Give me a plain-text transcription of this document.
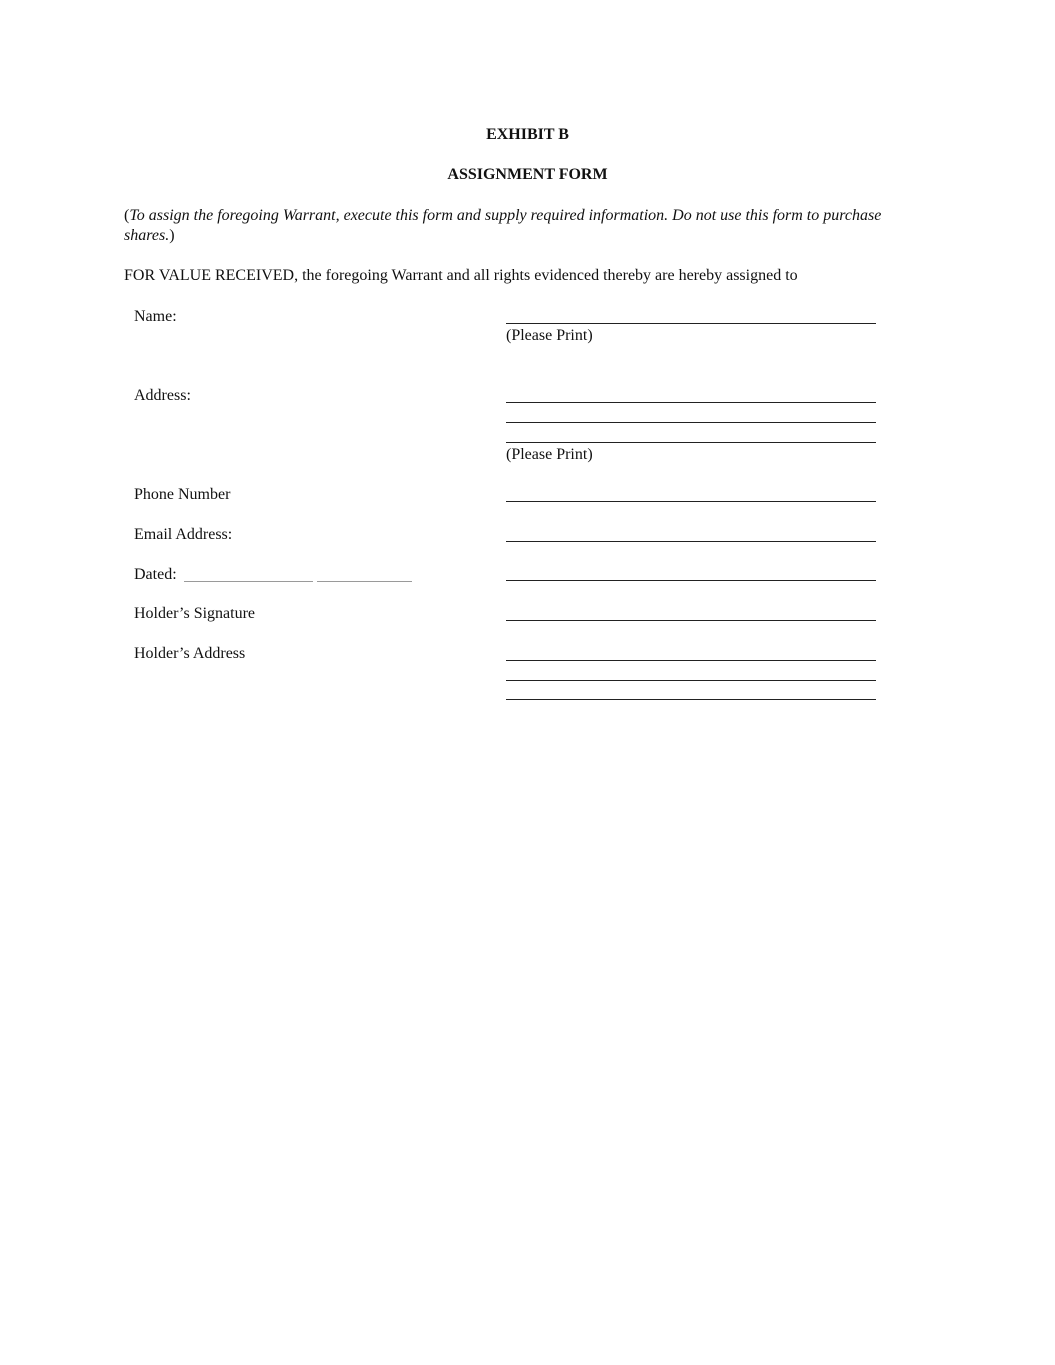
EXHIBIT B
ASSIGNMENT FORM
(To assign the foregoing Warrant, execute this form and supply required information. Do not use this form to purchase
shares.)
FOR VALUE RECEIVED, the foregoing Warrant and all rights evidenced thereby are hereby assigned to
Name:
(Please Print)
Address:
(Please Print)
Phone Number
Email Address:
Dated:
Holder’s Signature
Holder’s Address
